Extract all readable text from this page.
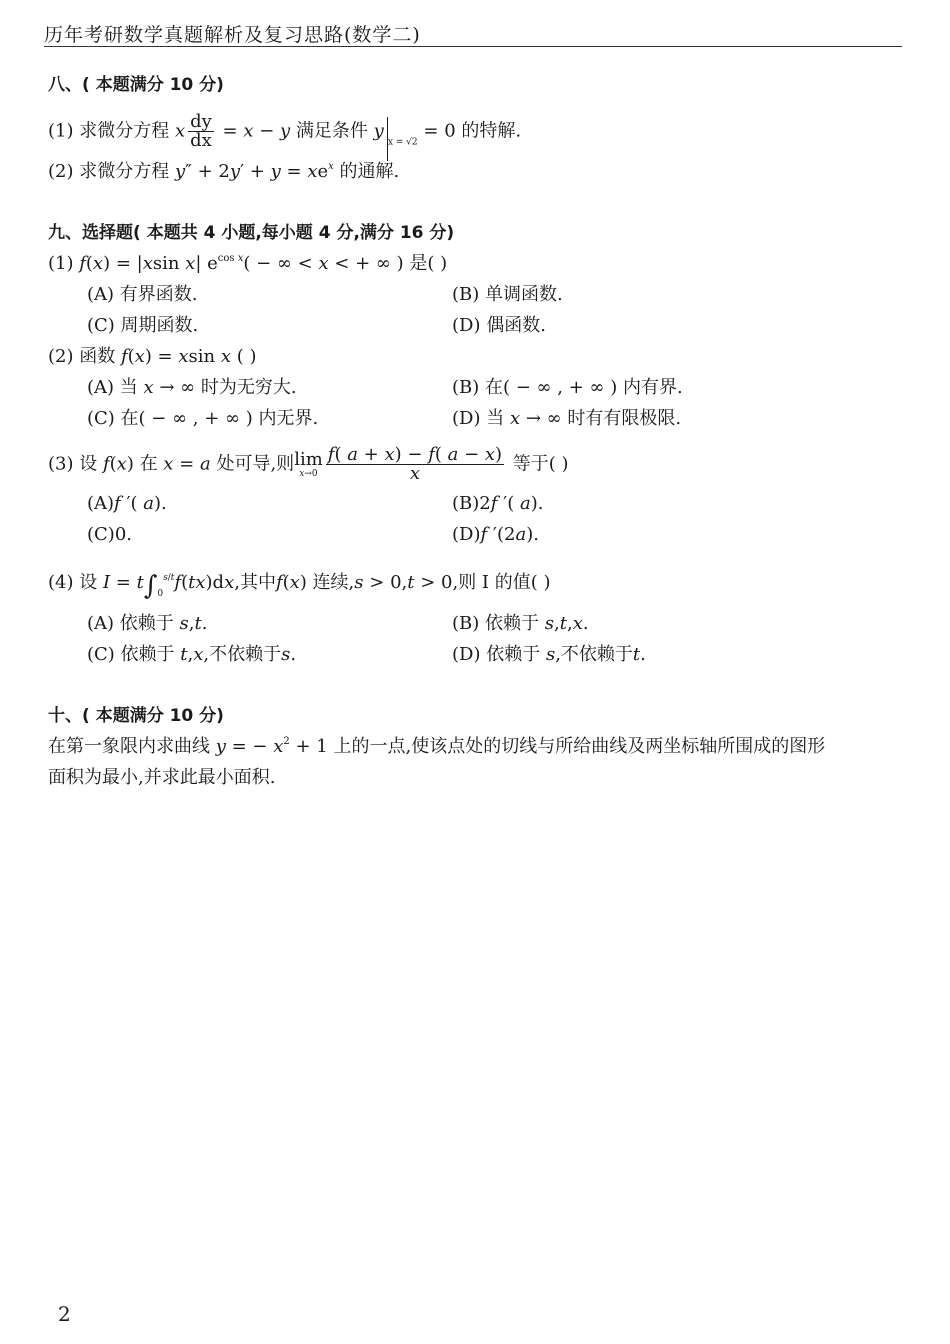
历年考研数学真题解析及复习思路(数学二)
八、( 本题满分 10 分)
(1) 求微分方程 x $\frac{dy}{dx} = x - y$ 满足条件 $y_{x = √2} = 0$ 的特解.
(2) 求微分方程 $y'' + 2y' + y = xe^x$ 的通解.
九、选择题( 本题共 4 小题,每小题 4 分,满分 16 分)
(1) f(x) = |xsin x| $e^{cos x}$( − ∞ < x < + ∞ ) 是( )
(A) 有界函数.	(B) 单调函数.
(C) 周期函数.	(D) 偶函数.
(2) 函数 f(x) = xsin x ( )
(A) 当 x → ∞ 时为无穷大.	(B) 在( − ∞ , + ∞ ) 内有界.
(C) 在( − ∞ , + ∞ ) 内无界.	(D) 当 x → ∞ 时有有限极限.
(3) 设 f(x) 在 x = a 处可导,则lim
$x\to 0 \frac{f( a + x) - f( a - x)}{x}$ 等于( )
(A)f ′( a).	(B)2f ′( a).
(C)0.	(D)f ′(2a).
(4) 设 $I = t\int_0^{s/t}f(tx)dx$,其中f(x) 连续,s > 0,t > 0,则 I 的值( )
(A) 依赖于 s,t.	(B) 依赖于 s,t,x.
(C) 依赖于 t,x,不依赖于s.	(D) 依赖于 s,不依赖于t.
十、( 本题满分 10 分)
在第一象限内求曲线 y = − $x^2 + 1$ 上的一点,使该点处的切线与所给曲线及两坐标轴所围成的图形
面积为最小,并求此最小面积.
2
